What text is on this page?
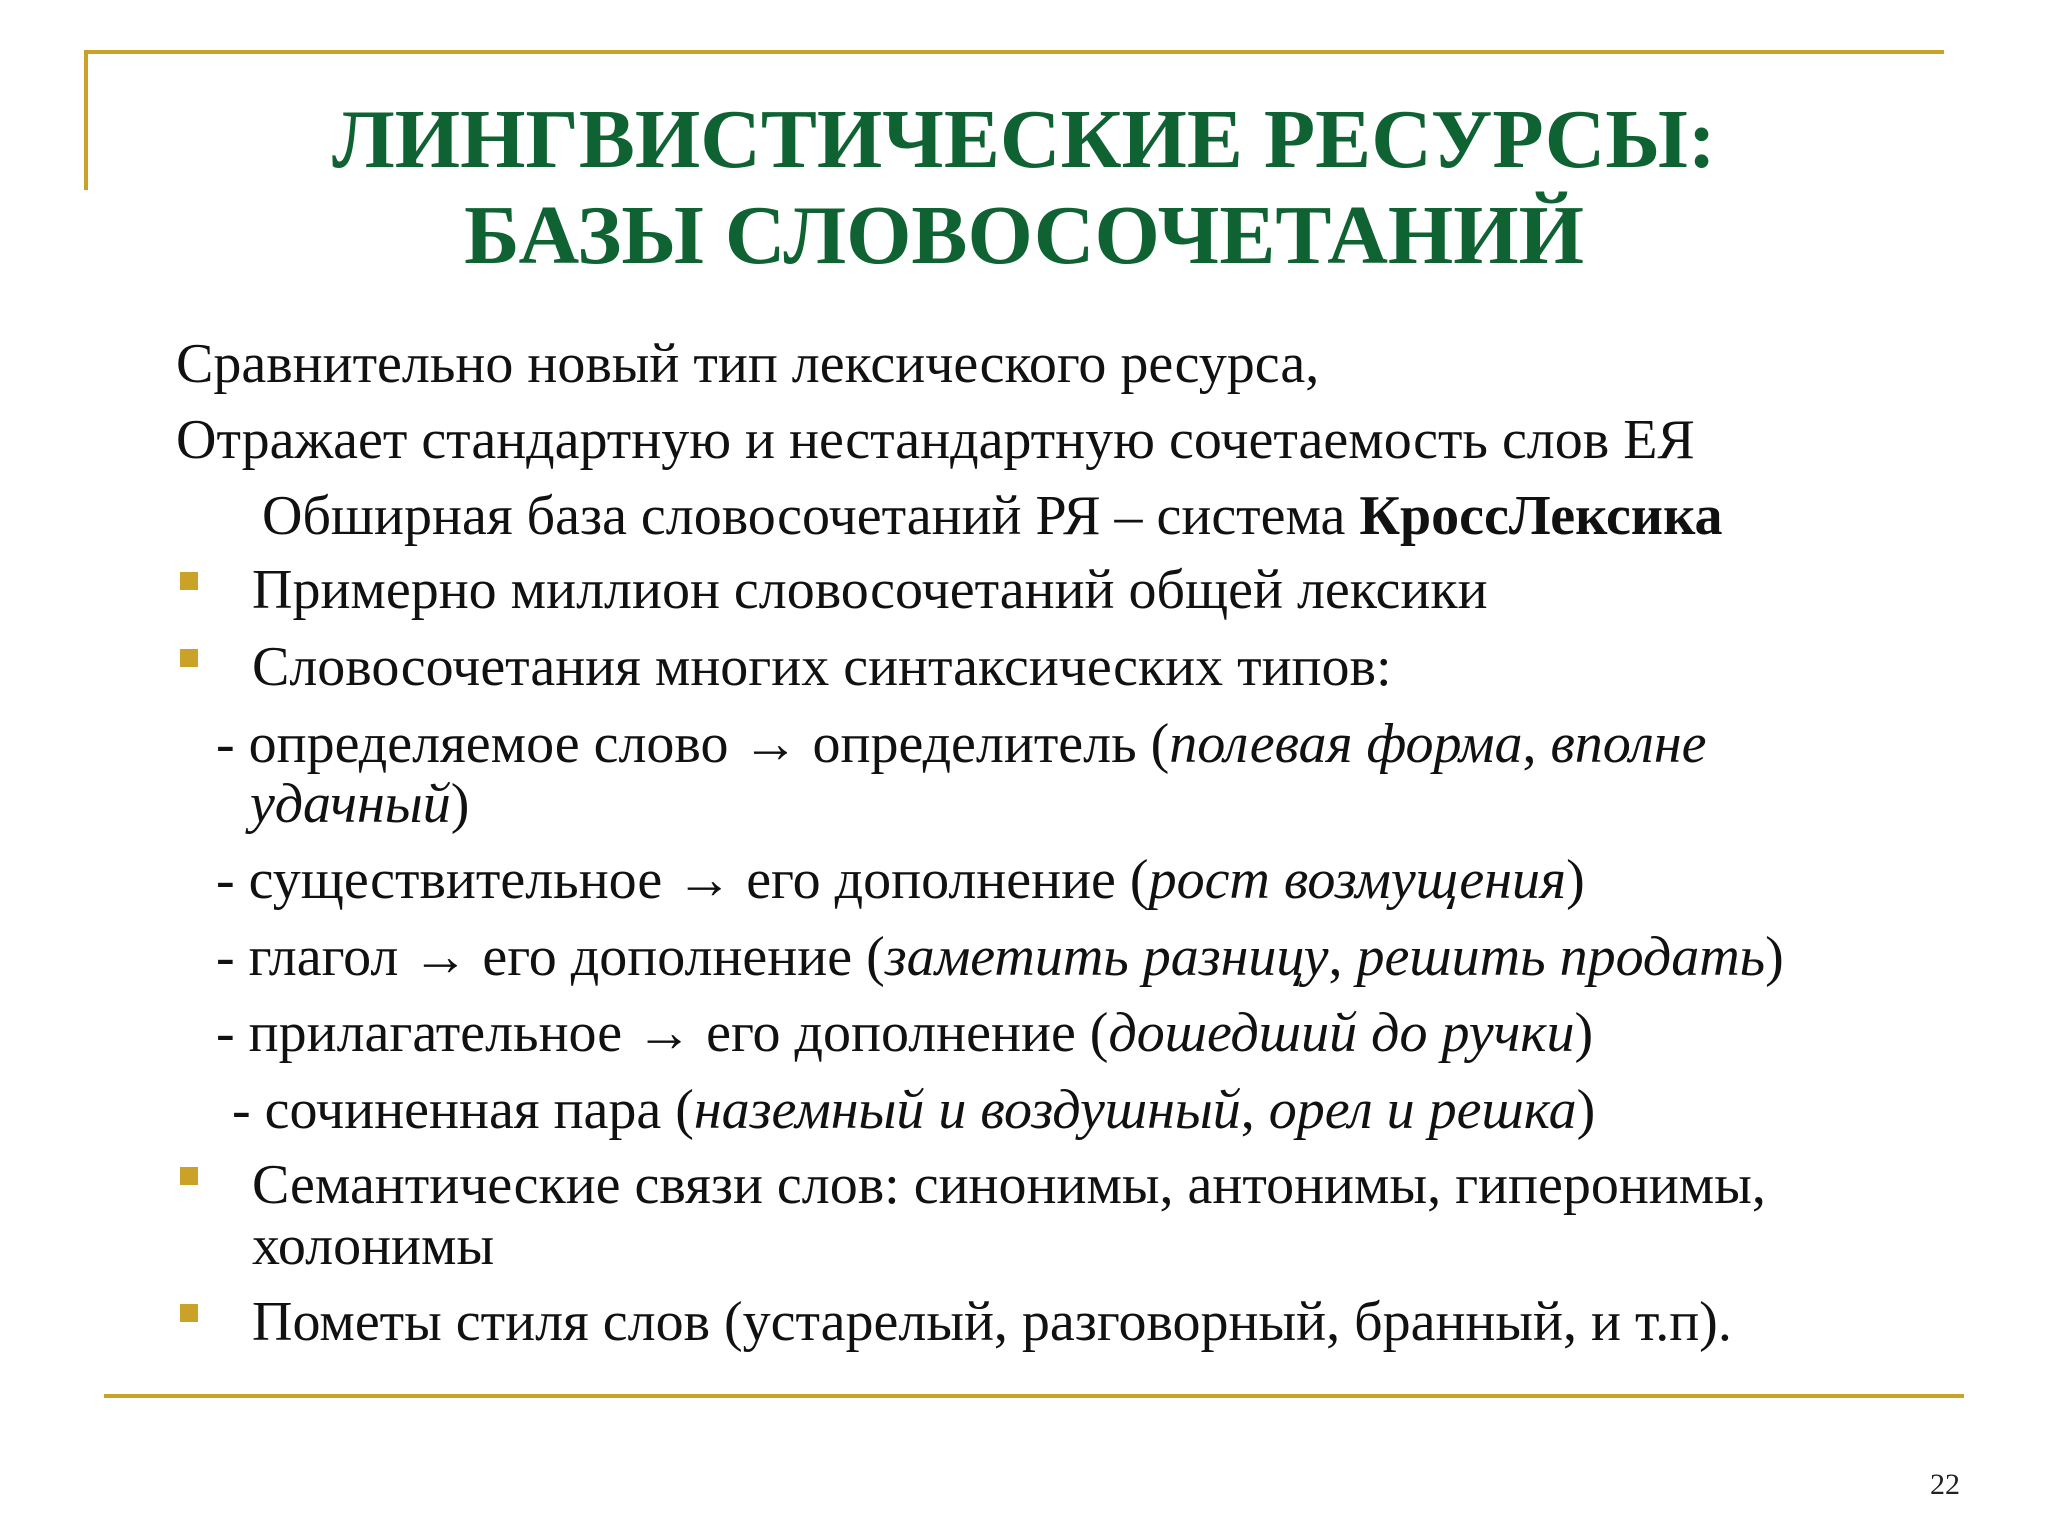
ЛИНГВИСТИЧЕСКИЕ РЕСУРСЫ:
БАЗЫ СЛОВОСОЧЕТАНИЙ
Сравнительно новый тип лексического ресурса,
Отражает стандартную и нестандартную сочетаемость слов ЕЯ
Обширная база словосочетаний РЯ – система КроссЛексика
Примерно миллион словосочетаний общей лексики
Словосочетания многих синтаксических типов:
- определяемое слово → определитель (полевая форма, вполне
удачный)
- существительное → его дополнение (рост возмущения)
- глагол → его дополнение (заметить разницу, решить продать)
- прилагательное → его дополнение (дошедший до ручки)
- сочиненная пара (наземный и воздушный, орел и решка)
Семантические связи слов: синонимы, антонимы, гиперонимы,
холонимы
Пометы стиля слов (устарелый, разговорный, бранный, и т.п).
22
